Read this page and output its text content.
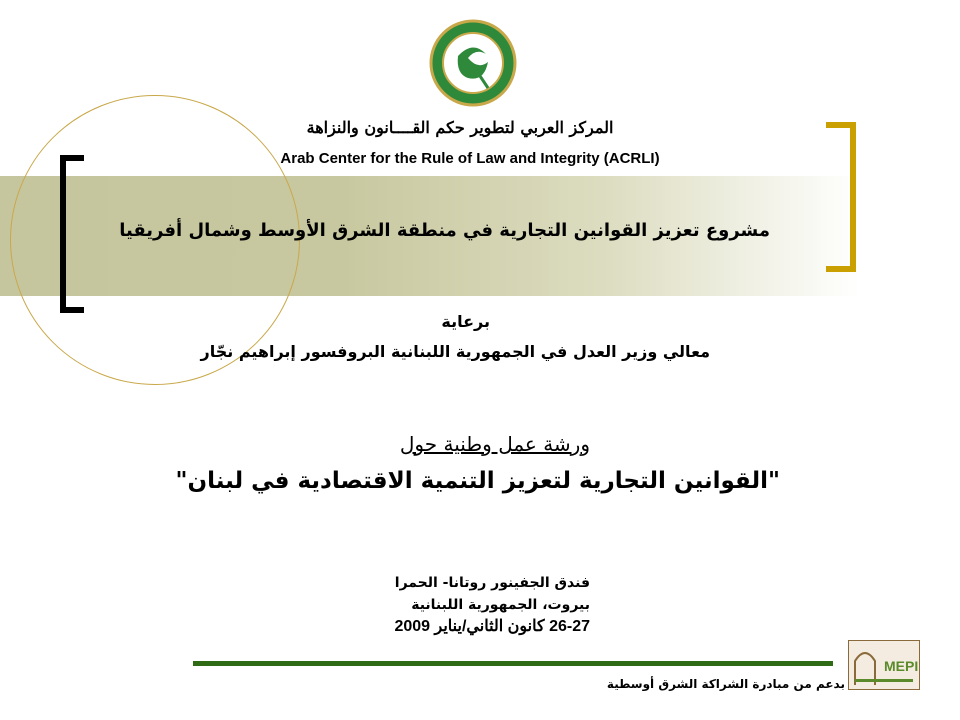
المركز العربي لتطوير حكم القــــانون والنزاهة
Arab Center for the Rule of Law and Integrity (ACRLI)
مشروع تعزيز القوانين التجارية في منطقة الشرق الأوسط وشمال أفريقيا
برعاية
معالي وزير العدل في الجمهورية اللبنانية البروفسور إبراهيم نجّار
ورشة عمل وطنية حول
"القوانين التجارية لتعزيز التنمية الاقتصادية في لبنان"
فندق الجفينور روتانا- الحمرا
بيروت، الجمهورية اللبنانية
26-27 كانون الثاني/يناير 2009
بدعم من مبادرة الشراكة الشرق أوسطية
MEPI
